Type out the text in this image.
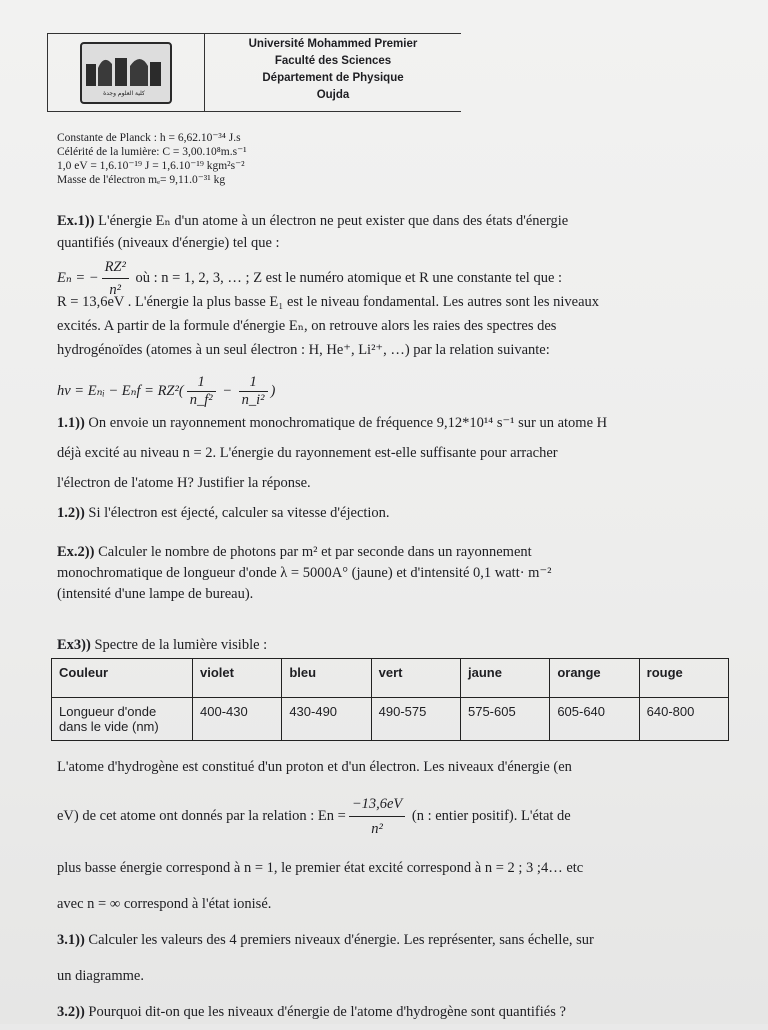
كلية العلوم وجدة
Université Mohammed Premier
Faculté des Sciences
Département de Physique
Oujda
Constante de Planck : h = 6,62.10⁻³⁴ J.s
Célérité de la lumière: C = 3,00.10⁸m.s⁻¹
1,0 eV = 1,6.10⁻¹⁹ J = 1,6.10⁻¹⁹ kgm²s⁻²
Masse de l'électron mₑ= 9,11.0⁻³¹ kg
Ex.1)) L'énergie Eₙ d'un atome à un électron ne peut exister que dans des états d'énergie
quantifiés (niveaux d'énergie) tel que :
Eₙ = − $\frac{\text{RZ²}}{\text{n²}}$ où : n = 1, 2, 3, … ; Z est le numéro atomique et R une constante tel que :
R = 13,6eV . L'énergie la plus basse E₁ est le niveau fondamental. Les autres sont les niveaux
excités. A partir de la formule d'énergie Eₙ, on retrouve alors les raies des spectres des
hydrogénoïdes (atomes à un seul électron : H, He⁺, Li²⁺, …) par la relation suivante:
hν = Eₙᵢ − $E_nf = RZ^2( \frac{1}{\text{n\_f²}} - \frac{1}{\text{n\_i²}}$ )
1.1)) On envoie un rayonnement monochromatique de fréquence 9,12*10¹⁴ s⁻¹ sur un atome H
déjà excité au niveau n = 2. L'énergie du rayonnement est-elle suffisante pour arracher
l'électron de l'atome H? Justifier la réponse.
1.2)) Si l'électron est éjecté, calculer sa vitesse d'éjection.
Ex.2)) Calculer le nombre de photons par m² et par seconde dans un rayonnement
monochromatique de longueur d'onde λ = 5000A° (jaune) et d'intensité 0,1 watt· m⁻²
(intensité d'une lampe de bureau).
Ex3)) Spectre de la lumière visible :
Couleur	violet	bleu	vert	jaune	orange	rouge
Longueur d'onde dans le vide (nm)	400-430	430-490	490-575	575-605	605-640	640-800
L'atome d'hydrogène est constitué d'un proton et d'un électron. Les niveaux d'énergie (en
eV) de cet atome ont donnés par la relation : $En = \frac{-13,6eV}{\text{n²}} (n$ : entier positif). L'état de
plus basse énergie correspond à n = 1, le premier état excité correspond à n = 2 ; 3 ;4… etc
avec n = ∞ correspond à l'état ionisé.
3.1)) Calculer les valeurs des 4 premiers niveaux d'énergie. Les représenter, sans échelle, sur
un diagramme.
3.2)) Pourquoi dit-on que les niveaux d'énergie de l'atome d'hydrogène sont quantifiés ?
